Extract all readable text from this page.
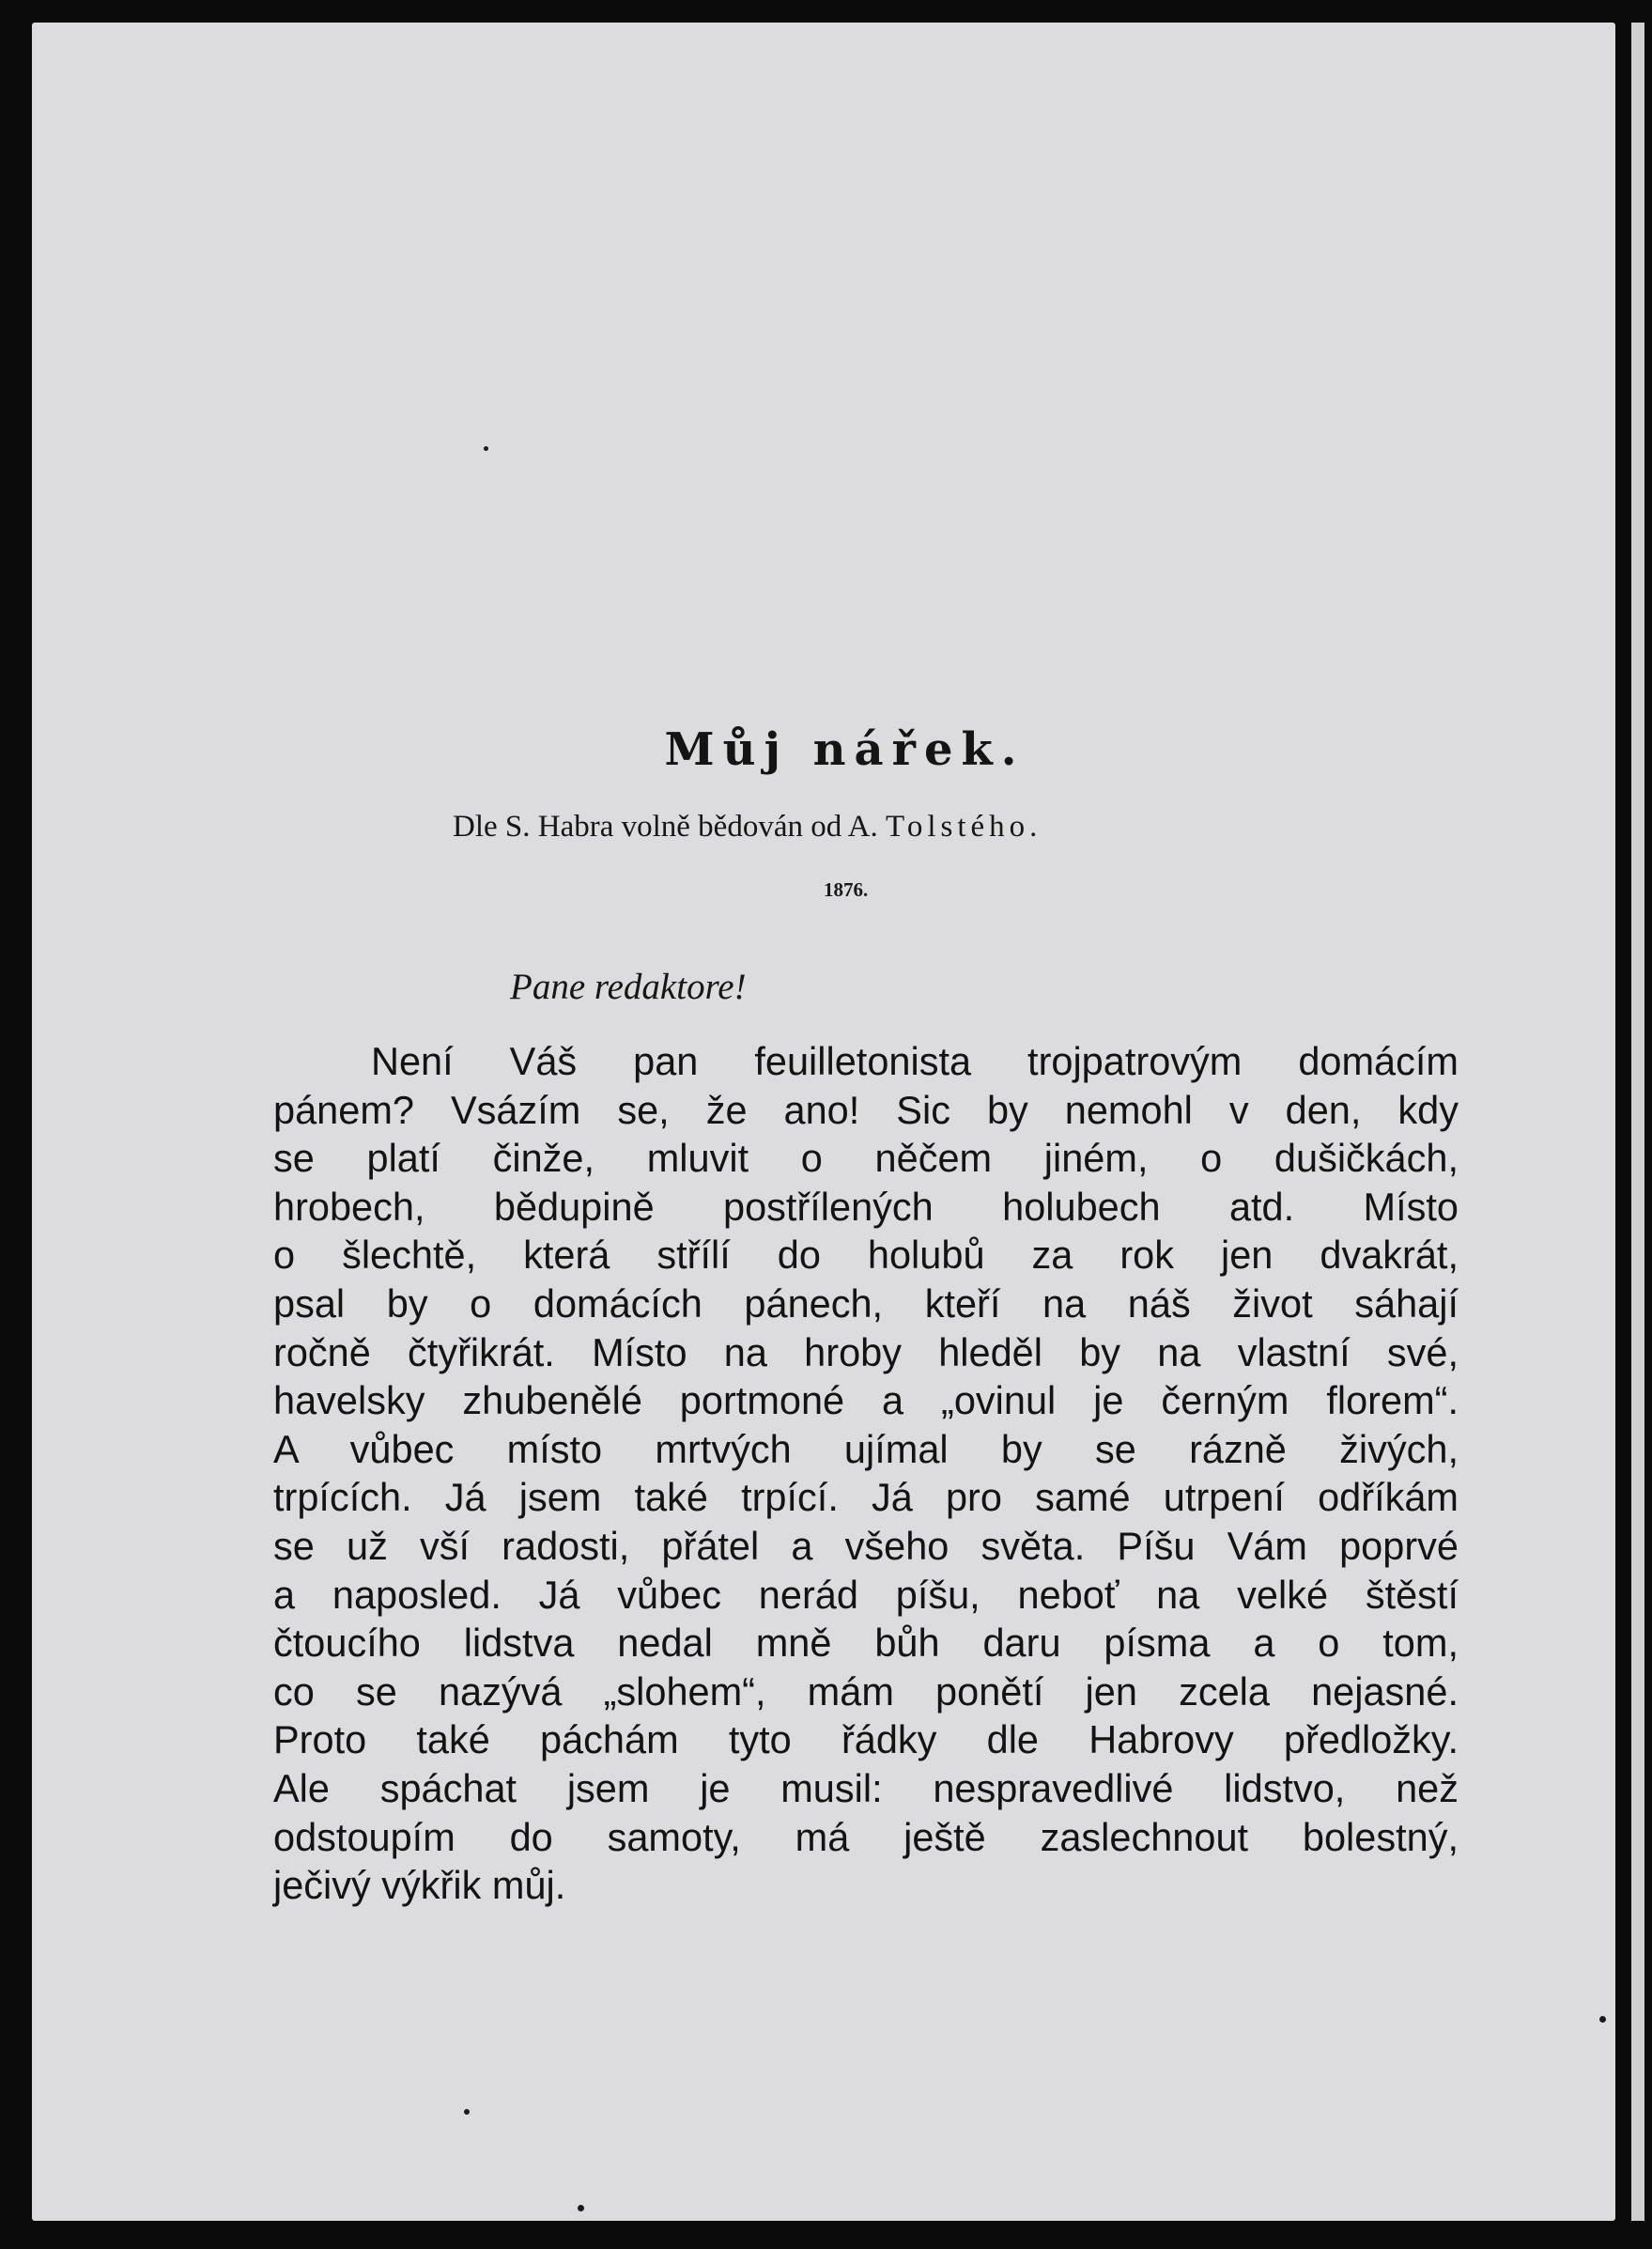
Můj nářek.

Dle S. Habra volně bědován od A. Tolstého.

1876.

Pane redaktore!

Není Váš pan feuilletonista trojpatrovým domácím
pánem? Vsázím se, že ano! Sic by nemohl v den, kdy
se platí činže, mluvit o něčem jiném, o dušičkách,
hrobech, bědupině postřílených holubech atd. Místo
o šlechtě, která střílí do holubů za rok jen dvakrát,
psal by o domácích pánech, kteří na náš život sáhají
ročně čtyřikrát. Místo na hroby hleděl by na vlastní své,
havelsky zhubenělé portmoné a „ovinul je černým florem“.
A vůbec místo mrtvých ujímal by se rázně živých,
trpících. Já jsem také trpící. Já pro samé utrpení odříkám
se už vší radosti, přátel a všeho světa. Píšu Vám poprvé
a naposled. Já vůbec nerád píšu, neboť na velké štěstí
čtoucího lidstva nedal mně bůh daru písma a o tom,
co se nazývá „slohem“, mám ponětí jen zcela nejasné.
Proto také páchám tyto řádky dle Habrovy předložky.
Ale spáchat jsem je musil: nespravedlivé lidstvo, než
odstoupím do samoty, má ještě zaslechnout bolestný,
ječivý výkřik můj.
